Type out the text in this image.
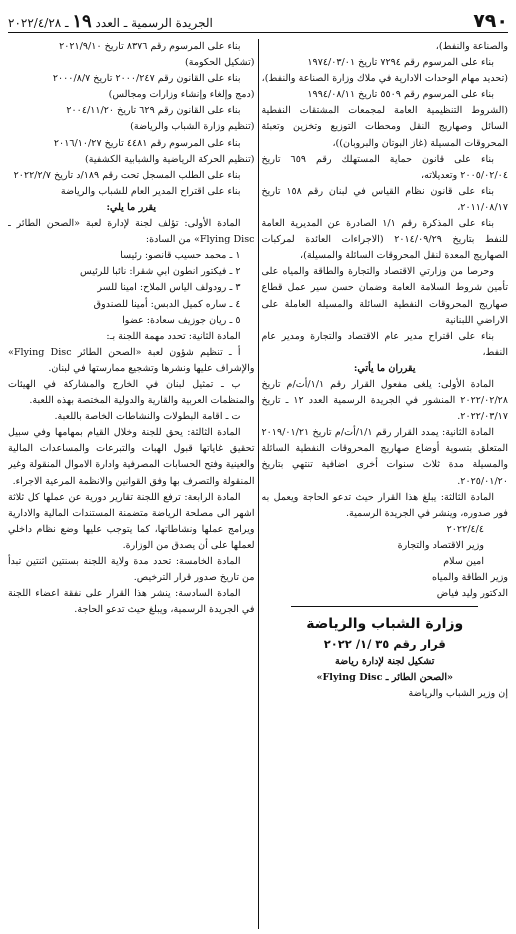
٧٩٠
الجريدة الرسمية ـ العدد ١٩ ـ ٢٠٢٢/٤/٢٨

والصناعة والنفط)،

بناء على المرسوم رقم ٧٢٩٤ تاريخ ١٩٧٤/٠٣/٠١

(تحديد مهام الوحدات الادارية في ملاك وزارة الصناعة والنفط)،

بناء على المرسوم رقم ٥٥٠٩ تاريخ ١٩٩٤/٠٨/١١

(الشروط التنظيمية العامة لمجمعات المشتقات النفطية السائل وصهاريج النقل ومحطات التوزيع وتخزين وتعبئة المحروقات المسيلة (غاز البوتان والبروبان))،

بناء على قانون حماية المستهلك رقم ٦٥٩ تاريخ ٢٠٠٥/٠٢/٠٤ وتعديلاته،

بناء على قانون نظام القياس في لبنان رقم ١٥٨ تاريخ ٢٠١١/٠٨/١٧،

بناء على المذكرة رقم ١/١ الصادرة عن المديرية العامة للنفط بتاريخ ٢٠١٤/٠٩/٢٩ (الاجراءات العائدة لمركبات الصهاريج المعدة لنقل المحروقات السائلة والمسيلة)،

وحرصا من وزارتي الاقتصاد والتجارة والطاقة والمياه على تأمين شروط السلامة العامة وضمان حسن سير عمل قطاع صهاريج المحروقات النفطية السائلة والمسيلة العاملة على الاراضي اللبنانية

بناء على اقتراح مدير عام الاقتصاد والتجارة ومدير عام النفط،

يقرران ما يأتي:

المادة الأولى: يلغى مفعول القرار رقم ١/١/أت/م تاريخ ٢٠٢٢/٠٢/٢٨ المنشور في الجريدة الرسمية العدد ١٢ ـ تاريخ ٢٠٢٢/٠٣/١٧.

المادة الثانية: يمدد القرار رقم ١/١/أت/م تاريخ ٢٠١٩/٠١/٢١ المتعلق بتسوية أوضاع صهاريج المحروقات النفطية السائلة والمسيلة مدة ثلاث سنوات أخرى اضافية تنتهي بتاريخ ٢٠٢٥/٠١/٢٠.

المادة الثالثة: يبلغ هذا القرار حيث تدعو الحاجة ويعمل به فور صدوره، وينشر في الجريدة الرسمية.

٢٠٢٢/٤/٤

وزير الاقتصاد والتجارة

امين سلام

وزير الطاقة والمياه

الدكتور وليد فياض

وزارة الشباب والرياضة
قرار رقم ٣٥ /١/ ٢٠٢٢

تشكيل لجنة لإدارة رياضة

«الصحن الطائر ـ Flying Disc»

إن وزير الشباب والرياضة

بناء على المرسوم رقم ٨٣٧٦ تاريخ ٢٠٢١/٩/١٠

(تشكيل الحكومة)

بناء على القانون رقم ٢٠٠٠/٢٤٧ تاريخ ٢٠٠٠/٨/٧

(دمج وإلغاء وإنشاء وزارات ومجالس)

بناء على القانون رقم ٦٢٩ تاريخ ٢٠٠٤/١١/٢٠

(تنظيم وزارة الشباب والرياضة)

بناء على المرسوم رقم ٤٤٨١ تاريخ ٢٠١٦/١٠/٢٧

(تنظيم الحركة الرياضية والشبابية الكشفية)

بناء على الطلب المسجل تحت رقم ١٨٩/د تاريخ ٢٠٢٢/٢/٧

بناء على اقتراح المدير العام للشباب والرياضة

يقرر ما يلي:

المادة الأولى: تؤلف لجنة لإدارة لعبة «الصحن الطائر ـ Flying Disc» من السادة:

١ ـ محمد حسيب قانصو: رئيسا

٢ ـ فيكتور انطون ابي شقرا: نائبا للرئيس

٣ ـ رودولف الياس الملاح: امينا للسر

٤ ـ ساره كميل الدبس: أمينا للصندوق

٥ ـ ريان جوزيف سعادة: عضوا

المادة الثانية: تحدد مهمة اللجنة بـ:

أ ـ تنظيم شؤون لعبة «الصحن الطائر Flying Disc» والإشراف عليها ونشرها وتشجيع ممارستها في لبنان.

ب ـ تمثيل لبنان في الخارج والمشاركة في الهيئات والمنظمات العربية والقارية والدولية المختصة بهذه اللعبة.

ت ـ اقامة البطولات والنشاطات الخاصة باللعبة.

المادة الثالثة: يحق للجنة وخلال القيام بمهامها وفي سبيل تحقيق غاياتها قبول الهبات والتبرعات والمساعدات المالية والعينية وفتح الحسابات المصرفية وادارة الاموال المنقولة وغير المنقولة والتصرف بها وفق القوانين والانظمة المرعية الاجراء.

المادة الرابعة: ترفع اللجنة تقارير دورية عن عملها كل ثلاثة اشهر الى مصلحة الرياضة متضمنة المستندات المالية والادارية ويرامج عملها ونشاطاتها، كما يتوجب عليها وضع نظام داخلي لعملها على أن يصدق من الوزارة.

المادة الخامسة: تحدد مدة ولاية اللجنة بسنتين اثنتين تبدأ من تاريخ صدور قرار الترخيص.

المادة السادسة: ينشر هذا القرار على نفقة اعضاء اللجنة في الجريدة الرسمية، ويبلغ حيث تدعو الحاجة.
